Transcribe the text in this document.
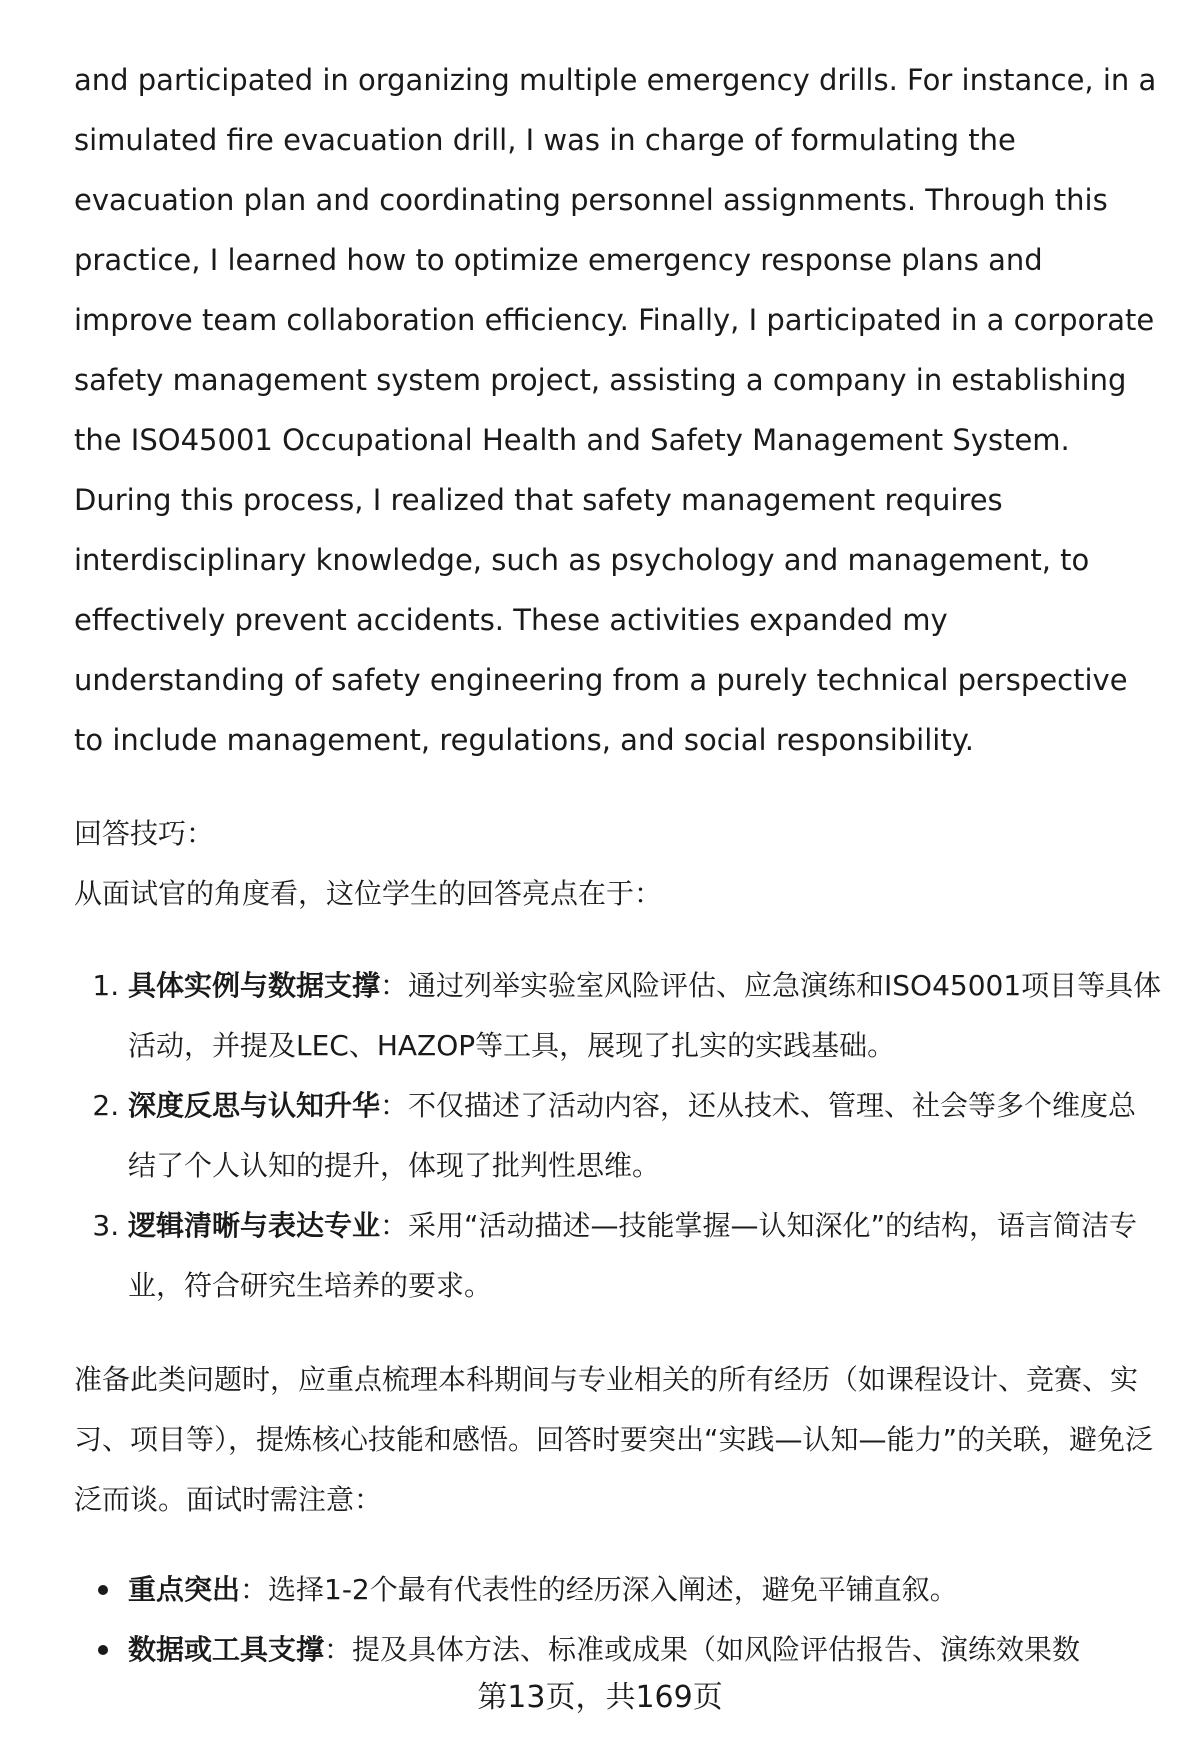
and participated in organizing multiple emergency drills. For instance, in a simulated fire evacuation drill, I was in charge of formulating the evacuation plan and coordinating personnel assignments. Through this practice, I learned how to optimize emergency response plans and improve team collaboration efficiency. Finally, I participated in a corporate safety management system project, assisting a company in establishing the ISO45001 Occupational Health and Safety Management System. During this process, I realized that safety management requires interdisciplinary knowledge, such as psychology and management, to effectively prevent accidents. These activities expanded my understanding of safety engineering from a purely technical perspective to include management, regulations, and social responsibility.

回答技巧：

从面试官的角度看，这位学生的回答亮点在于：

1. 具体实例与数据支撑：通过列举实验室风险评估、应急演练和ISO45001项目等具体活动，并提及LEC、HAZOP等工具，展现了扎实的实践基础。
2. 深度反思与认知升华：不仅描述了活动内容，还从技术、管理、社会等多个维度总结了个人认知的提升，体现了批判性思维。
3. 逻辑清晰与表达专业：采用“活动描述—技能掌握—认知深化”的结构，语言简洁专业，符合研究生培养的要求。

准备此类问题时，应重点梳理本科期间与专业相关的所有经历（如课程设计、竞赛、实习、项目等），提炼核心技能和感悟。回答时要突出“实践—认知—能力”的关联，避免泛泛而谈。面试时需注意：

重点突出：选择1-2个最有代表性的经历深入阐述，避免平铺直叙。
数据或工具支撑：提及具体方法、标准或成果（如风险评估报告、演练效果数
第13页，共169页
